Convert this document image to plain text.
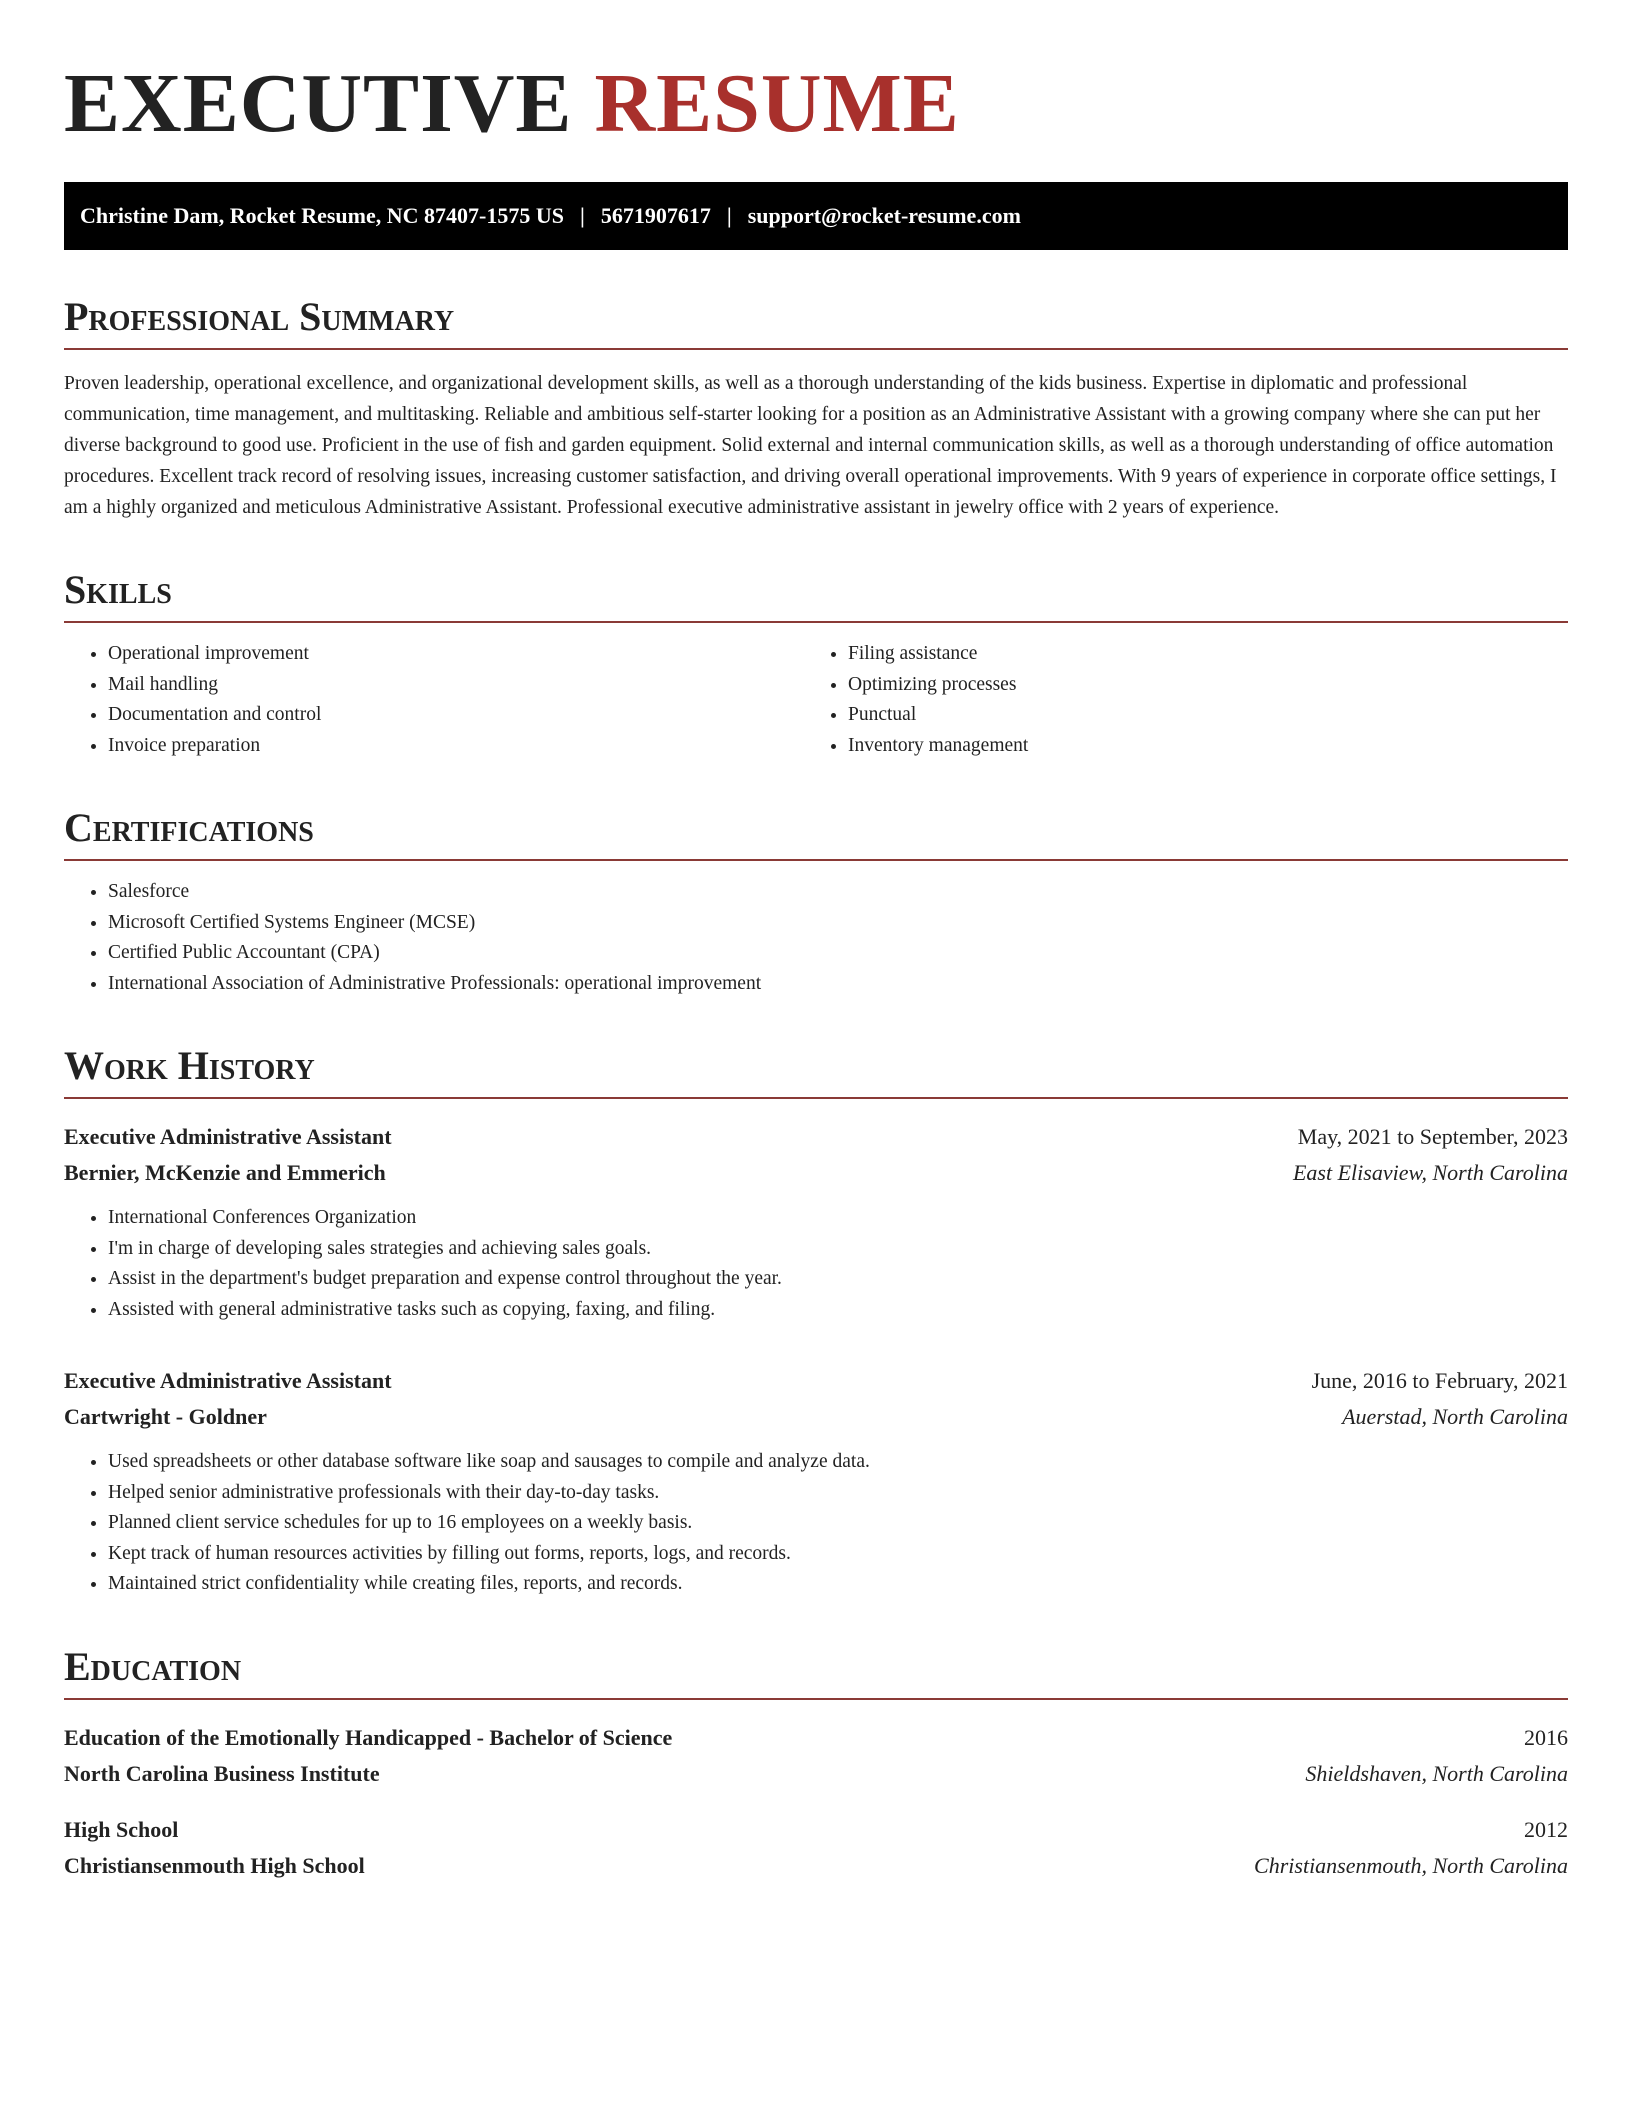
EXECUTIVE RESUME
Christine Dam, Rocket Resume, NC 87407-1575 US | 5671907617 | support@rocket-resume.com
Professional Summary

Proven leadership, operational excellence, and organizational development skills, as well as a thorough understanding of the kids business. Expertise in diplomatic and professional communication, time management, and multitasking. Reliable and ambitious self-starter looking for a position as an Administrative Assistant with a growing company where she can put her diverse background to good use. Proficient in the use of fish and garden equipment. Solid external and internal communication skills, as well as a thorough understanding of office automation procedures. Excellent track record of resolving issues, increasing customer satisfaction, and driving overall operational improvements. With 9 years of experience in corporate office settings, I am a highly organized and meticulous Administrative Assistant. Professional executive administrative assistant in jewelry office with 2 years of experience.

Skills
• Operational improvement
• Mail handling
• Documentation and control
• Invoice preparation
• Filing assistance
• Optimizing processes
• Punctual
• Inventory management
Certifications
• Salesforce
• Microsoft Certified Systems Engineer (MCSE)
• Certified Public Accountant (CPA)
• International Association of Administrative Professionals: operational improvement
Work History
Executive Administrative Assistant	May, 2021 to September, 2023
Bernier, McKenzie and Emmerich	East Elisaview, North Carolina
• International Conferences Organization
• I'm in charge of developing sales strategies and achieving sales goals.
• Assist in the department's budget preparation and expense control throughout the year.
• Assisted with general administrative tasks such as copying, faxing, and filing.
Executive Administrative Assistant	June, 2016 to February, 2021
Cartwright - Goldner	Auerstad, North Carolina
• Used spreadsheets or other database software like soap and sausages to compile and analyze data.
• Helped senior administrative professionals with their day-to-day tasks.
• Planned client service schedules for up to 16 employees on a weekly basis.
• Kept track of human resources activities by filling out forms, reports, logs, and records.
• Maintained strict confidentiality while creating files, reports, and records.
Education
Education of the Emotionally Handicapped - Bachelor of Science	2016
North Carolina Business Institute	Shieldshaven, North Carolina
High School	2012
Christiansenmouth High School	Christiansenmouth, North Carolina
